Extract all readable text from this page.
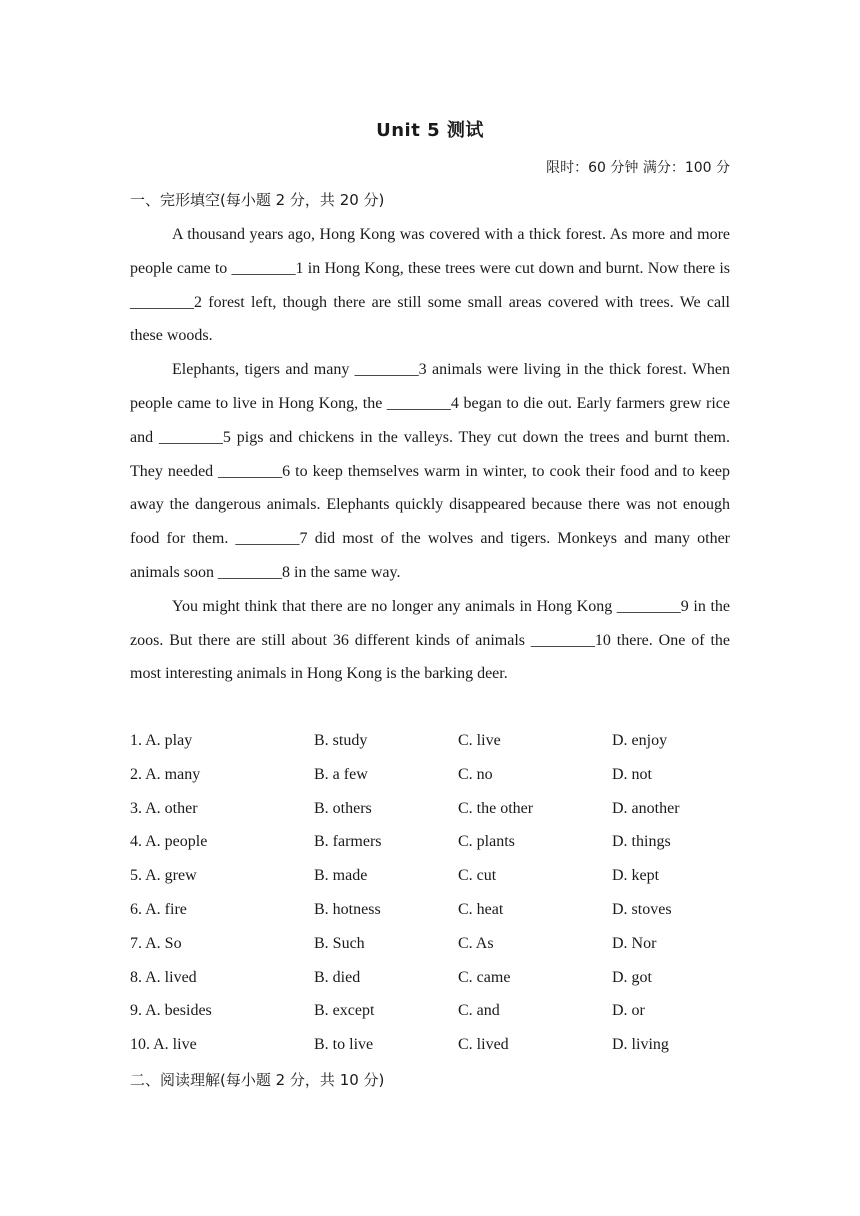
Unit 5 测试
限时：60 分钟 满分：100 分
一、完形填空(每小题 2 分，共 20 分)

A thousand years ago, Hong Kong was covered with a thick forest. As more and more people came to ________1 in Hong Kong, these trees were cut down and burnt. Now there is ________2 forest left, though there are still some small areas covered with trees. We call these woods.

Elephants, tigers and many ________3 animals were living in the thick forest. When people came to live in Hong Kong, the ________4 began to die out. Early farmers grew rice and ________5 pigs and chickens in the valleys. They cut down the trees and burnt them. They needed ________6 to keep themselves warm in winter, to cook their food and to keep away the dangerous animals. Elephants quickly disappeared because there was not enough food for them. ________7 did most of the wolves and tigers. Monkeys and many other animals soon ________8 in the same way.

You might think that there are no longer any animals in Hong Kong ________9 in the zoos. But there are still about 36 different kinds of animals ________10 there. One of the most interesting animals in Hong Kong is the barking deer.

1. A. play	B. study	C. live	D. enjoy
2. A. many	B. a few	C. no	D. not
3. A. other	B. others	C. the other	D. another
4. A. people	B. farmers	C. plants	D. things
5. A. grew	B. made	C. cut	D. kept
6. A. fire	B. hotness	C. heat	D. stoves
7. A. So	B. Such	C. As	D. Nor
8. A. lived	B. died	C. came	D. got
9. A. besides	B. except	C. and	D. or
10. A. live	B. to live	C. lived	D. living
二、阅读理解(每小题 2 分，共 10 分)
